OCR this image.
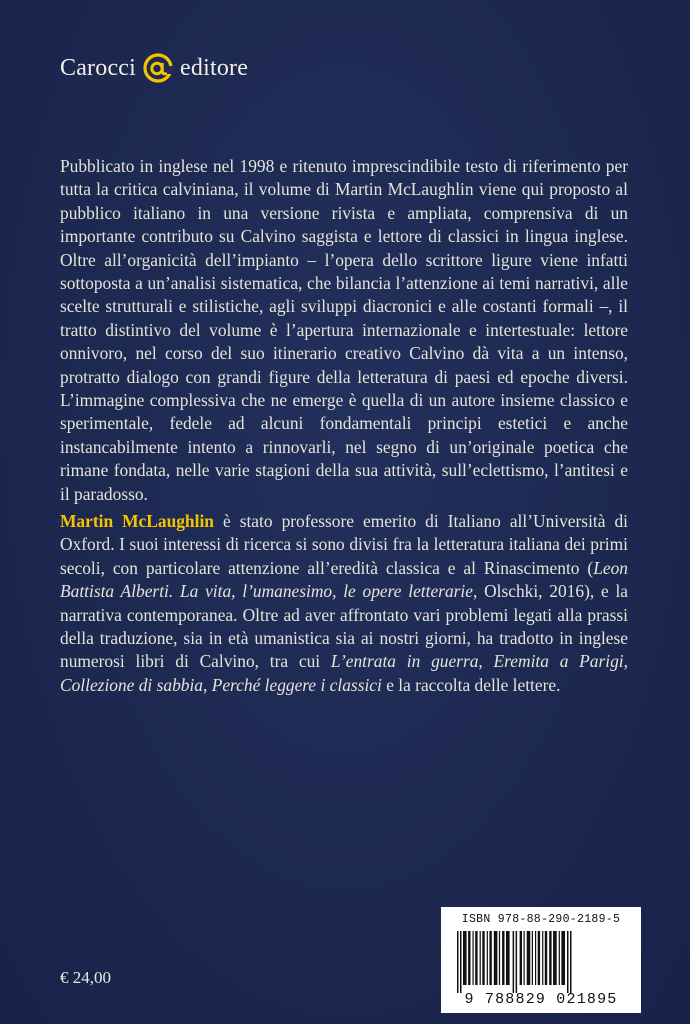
Carocci editore

Pubblicato in inglese nel 1998 e ritenuto imprescindibile testo di riferimento per tutta la critica calviniana, il volume di Martin McLaughlin viene qui proposto al pubblico italiano in una versione rivista e ampliata, comprensiva di un importante contributo su Calvino saggista e lettore di classici in lingua inglese. Oltre all’organicità dell’impianto – l’opera dello scrittore ligure viene infatti sottoposta a un’analisi sistematica, che bilancia l’attenzione ai temi narrativi, alle scelte strutturali e stilistiche, agli sviluppi diacronici e alle costanti formali –, il tratto distintivo del volume è l’apertura internazionale e intertestuale: lettore onnivoro, nel corso del suo itinerario creativo Calvino dà vita a un intenso, protratto dialogo con grandi figure della letteratura di paesi ed epoche diversi. L’immagine complessiva che ne emerge è quella di un autore insieme classico e sperimentale, fedele ad alcuni fondamentali principi estetici e anche instancabilmente intento a rinnovarli, nel segno di un’originale poetica che rimane fondata, nelle varie stagioni della sua attività, sull’eclettismo, l’antitesi e il paradosso.

Martin McLaughlin è stato professore emerito di Italiano all’Università di Oxford. I suoi interessi di ricerca si sono divisi fra la letteratura italiana dei primi secoli, con particolare attenzione all’eredità classica e al Rinascimento (Leon Battista Alberti. La vita, l’umanesimo, le opere letterarie, Olschki, 2016), e la narrativa contemporanea. Oltre ad aver affrontato vari problemi legati alla prassi della traduzione, sia in età umanistica sia ai nostri giorni, ha tradotto in inglese numerosi libri di Calvino, tra cui L’entrata in guerra, Eremita a Parigi, Collezione di sabbia, Perché leggere i classici e la raccolta delle lettere.

€ 24,00
ISBN 978-88-290-2189-5
9 788829 021895
